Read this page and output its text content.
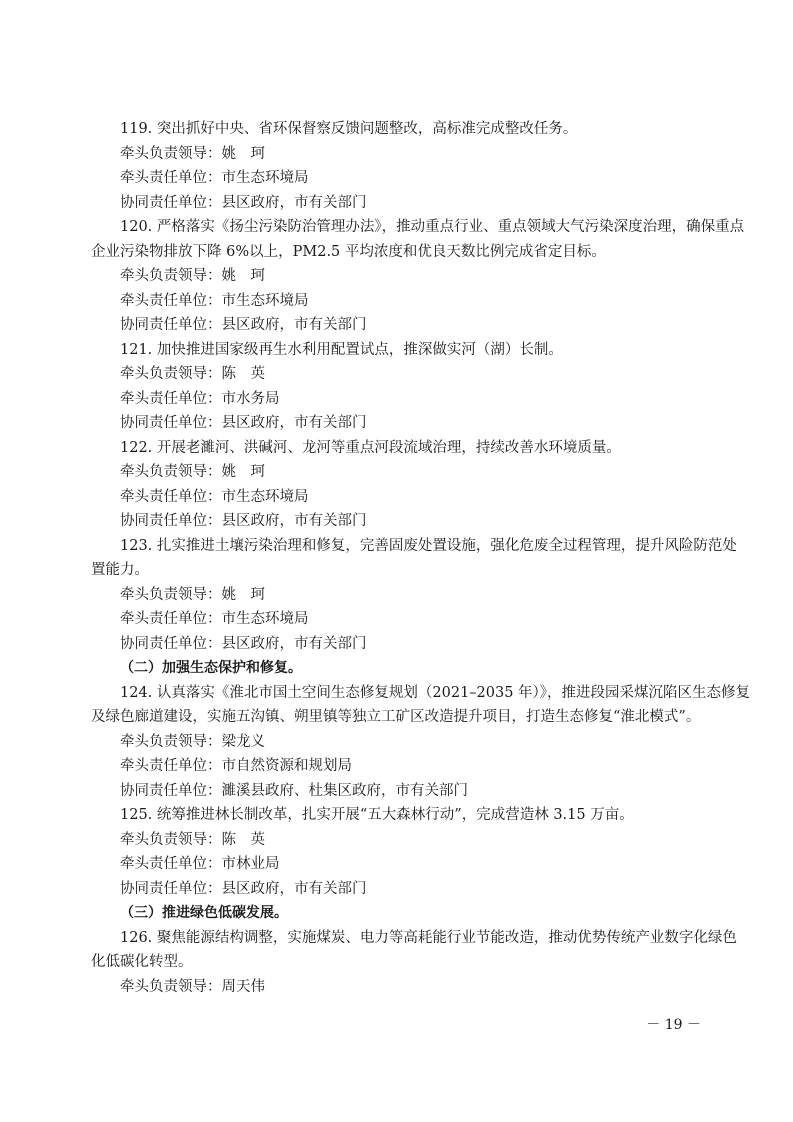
119. 突出抓好中央、省环保督察反馈问题整改，高标准完成整改任务。
牵头负责领导：姚　珂
牵头责任单位：市生态环境局
协同责任单位：县区政府，市有关部门
120. 严格落实《扬尘污染防治管理办法》，推动重点行业、重点领域大气污染深度治理，确保重点
企业污染物排放下降 6%以上，PM2.5 平均浓度和优良天数比例完成省定目标。
牵头负责领导：姚　珂
牵头责任单位：市生态环境局
协同责任单位：县区政府，市有关部门
121. 加快推进国家级再生水利用配置试点，推深做实河（湖）长制。
牵头负责领导：陈　英
牵头责任单位：市水务局
协同责任单位：县区政府，市有关部门
122. 开展老濉河、洪碱河、龙河等重点河段流域治理，持续改善水环境质量。
牵头负责领导：姚　珂
牵头责任单位：市生态环境局
协同责任单位：县区政府，市有关部门
123. 扎实推进土壤污染治理和修复，完善固废处置设施，强化危废全过程管理，提升风险防范处
置能力。
牵头负责领导：姚　珂
牵头责任单位：市生态环境局
协同责任单位：县区政府，市有关部门
（二）加强生态保护和修复。
124. 认真落实《淮北市国土空间生态修复规划（2021–2035 年）》，推进段园采煤沉陷区生态修复
及绿色廊道建设，实施五沟镇、朔里镇等独立工矿区改造提升项目，打造生态修复“淮北模式”。
牵头负责领导：梁龙义
牵头责任单位：市自然资源和规划局
协同责任单位：濉溪县政府、杜集区政府，市有关部门
125. 统筹推进林长制改革，扎实开展“五大森林行动”，完成营造林 3.15 万亩。
牵头负责领导：陈　英
牵头责任单位：市林业局
协同责任单位：县区政府，市有关部门
（三）推进绿色低碳发展。
126. 聚焦能源结构调整，实施煤炭、电力等高耗能行业节能改造，推动优势传统产业数字化绿色
化低碳化转型。
牵头负责领导：周天伟
－ 19 －
